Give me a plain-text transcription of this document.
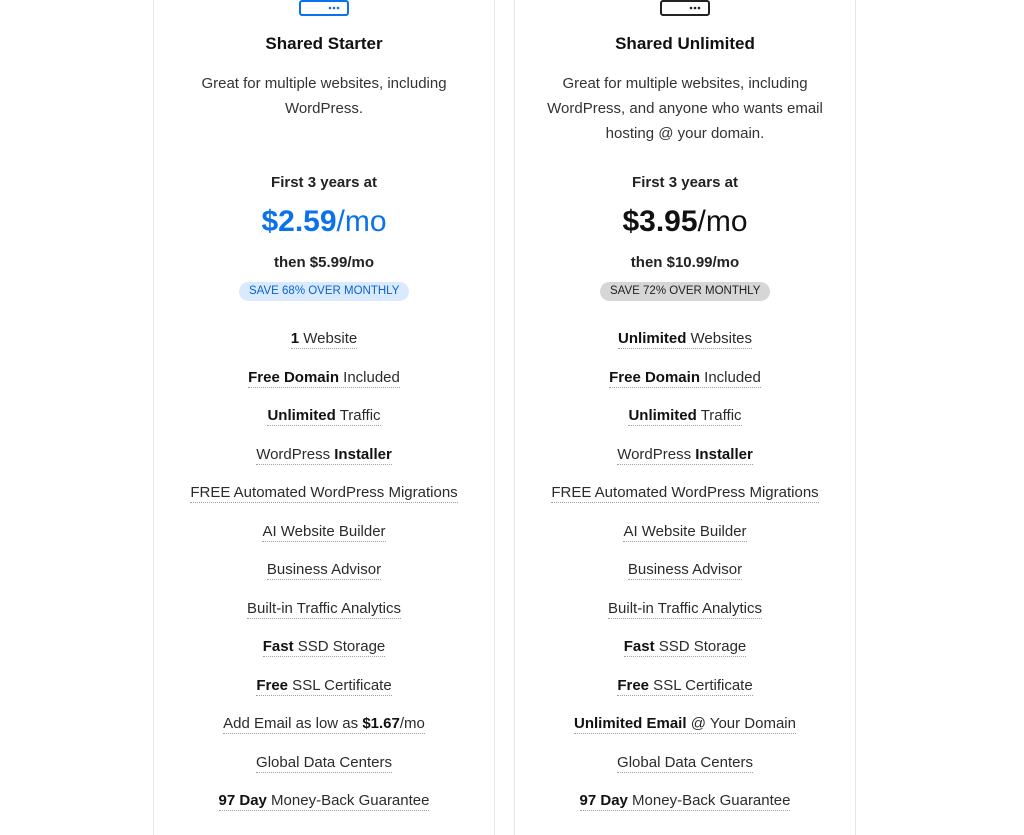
Shared Starter
Great for multiple websites, including WordPress.
First 3 years at
$2.59/mo
then $5.99/mo
SAVE 68% OVER MONTHLY
1 Website
Free Domain Included
Unlimited Traffic
WordPress Installer
FREE Automated WordPress Migrations
AI Website Builder
Business Advisor
Built-in Traffic Analytics
Fast SSD Storage
Free SSL Certificate
Add Email as low as $1.67/mo
Global Data Centers
97 Day Money-Back Guarantee
Shared Unlimited
Great for multiple websites, including WordPress, and anyone who wants email hosting @ your domain.
First 3 years at
$3.95/mo
then $10.99/mo
SAVE 72% OVER MONTHLY
Unlimited Websites
Free Domain Included
Unlimited Traffic
WordPress Installer
FREE Automated WordPress Migrations
AI Website Builder
Business Advisor
Built-in Traffic Analytics
Fast SSD Storage
Free SSL Certificate
Unlimited Email @ Your Domain
Global Data Centers
97 Day Money-Back Guarantee
